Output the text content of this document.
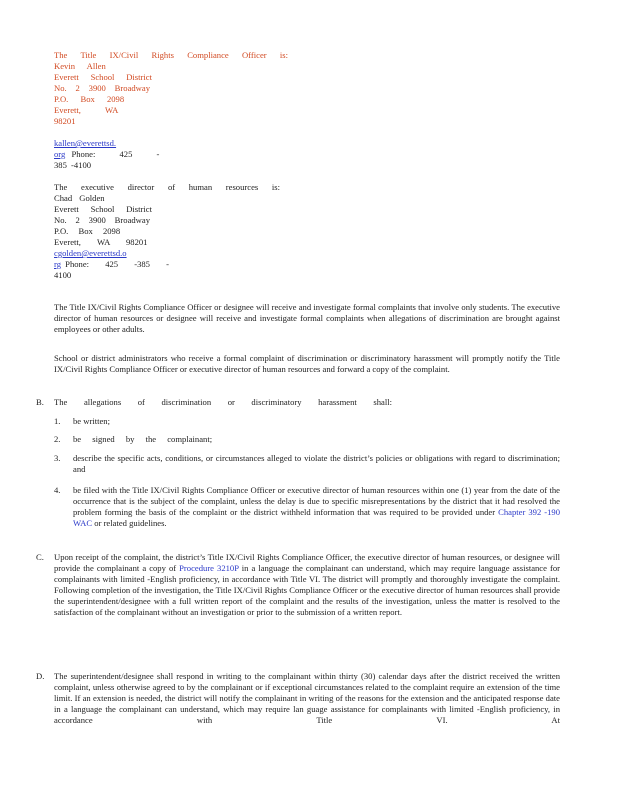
The Title IX/Civil Rights Compliance Officer is:
Kevin Allen
Everett School District
No. 2 3900 Broadway
P.O. Box 2098
Everett, WA
98201
kallen@everettsd.
org Phone: 425 -
385 -4100
The executive director of human resources is:
Chad Golden
Everett School District
No. 2 3900 Broadway
P.O. Box 2098
Everett, WA 98201
cgolden@everettsd.o
rg Phone: 425 -385 -
4100
The Title IX/Civil Rights Compliance Officer or designee will receive and investigate formal complaints that involve only students. The executive director of human resources or designee will receive and investigate formal complaints when allegations of discrimination are brought against employees or other adults.
School or district administrators who receive a formal complaint of discrimination or discriminatory harassment will promptly notify the Title IX/Civil Rights Compliance Officer or executive director of human resources and forward a copy of the complaint.
B. The allegations of discrimination or discriminatory harassment shall:
1. be written;
2. be signed by the complainant;
3. describe the specific acts, conditions, or circumstances alleged to violate the district’s policies or obligations with regard to discrimination; and
4. be filed with the Title IX/Civil Rights Compliance Officer or executive director of human resources within one (1) year from the date of the occurrence that is the subject of the complaint, unless the delay is due to specific misrepresentations by the district that it had resolved the problem forming the basis of the complaint or the district withheld information that was required to be provided under Chapter 392 -190 WAC or related guidelines.
C. Upon receipt of the complaint, the district’s Title IX/Civil Rights Compliance Officer, the executive director of human resources, or designee will provide the complainant a copy of Procedure 3210P in a language the complainant can understand, which may require language assistance for complainants with limited -English proficiency, in accordance with Title VI. The district will promptly and thoroughly investigate the complaint. Following completion of the investigation, the Title IX/Civil Rights Compliance Officer or the executive director of human resources shall provide the superintendent/designee with a full written report of the complaint and the results of the investigation, unless the matter is resolved to the satisfaction of the complainant without an investigation or prior to the submission of a written report.
D. The superintendent/designee shall respond in writing to the complainant within thirty (30) calendar days after the district received the written complaint, unless otherwise agreed to by the complainant or if exceptional circumstances related to the complaint require an extension of the time limit. If an extension is needed, the district will notify the complainant in writing of the reasons for the extension and the anticipated response date in a language the complainant can understand, which may require lan guage assistance for complainants with limited -English proficiency, in accordance with Title VI. At
